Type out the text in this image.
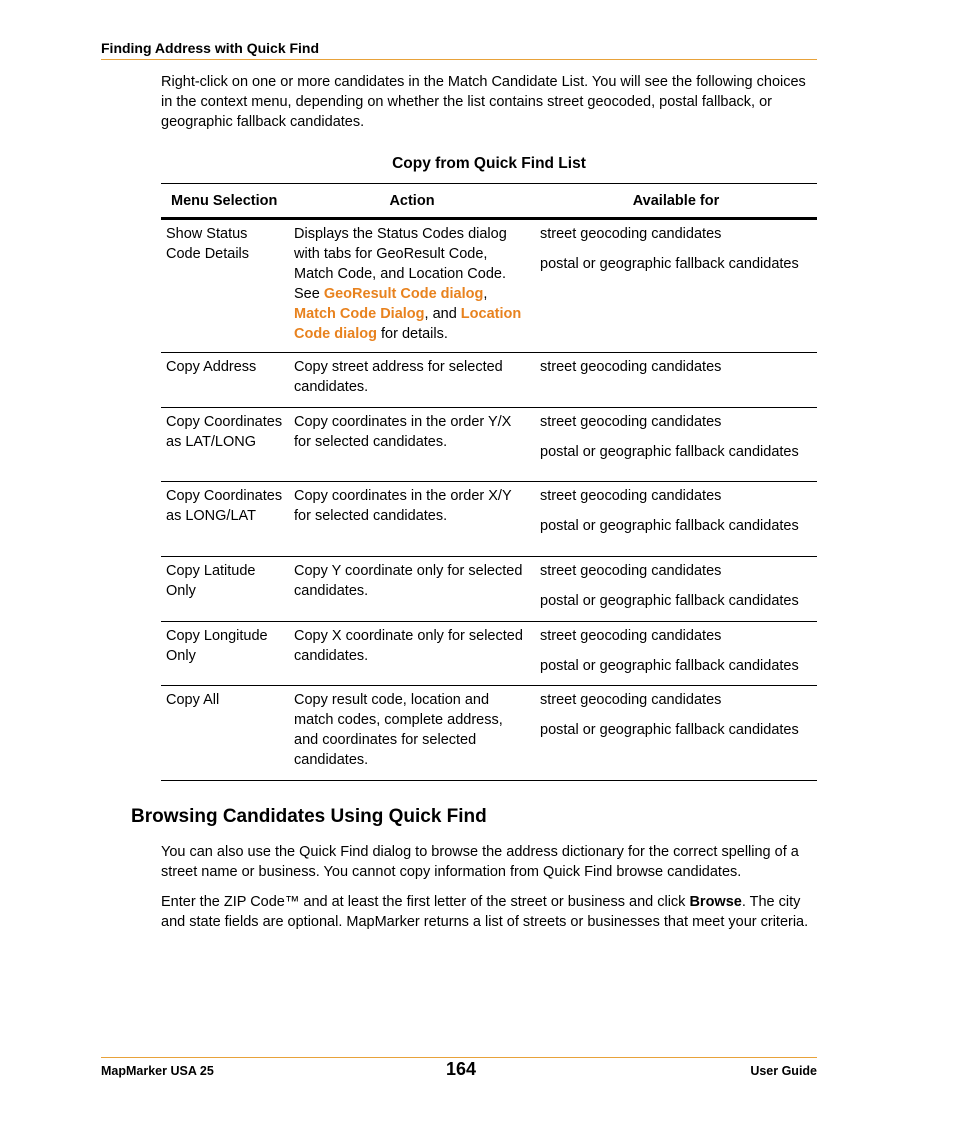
Finding Address with Quick Find

Right-click on one or more candidates in the Match Candidate List. You will see the following choices in the context menu, depending on whether the list contains street geocoded, postal fallback, or geographic fallback candidates.

Copy from Quick Find List
Menu Selection	Action	Available for
Show Status Code Details	Displays the Status Codes dialog with tabs for GeoResult Code, Match Code, and Location Code. See GeoResult Code dialog, Match Code Dialog, and Location Code dialog for details.	street geocoding candidates
postal or geographic fallback candidates

Copy Address	Copy street address for selected candidates.	street geocoding candidates

Copy Coordinates as LAT/LONG	Copy coordinates in the order Y/X for selected candidates.	street geocoding candidates
postal or geographic fallback candidates

Copy Coordinates as LONG/LAT	Copy coordinates in the order X/Y for selected candidates.	street geocoding candidates
postal or geographic fallback candidates

Copy Latitude Only	Copy Y coordinate only for selected candidates.	street geocoding candidates
postal or geographic fallback candidates

Copy Longitude Only	Copy X coordinate only for selected candidates.	street geocoding candidates
postal or geographic fallback candidates

Copy All	Copy result code, location and match codes, complete address, and coordinates for selected candidates.	street geocoding candidates
postal or geographic fallback candidates
Browsing Candidates Using Quick Find

You can also use the Quick Find dialog to browse the address dictionary for the correct spelling of a street name or business. You cannot copy information from Quick Find browse candidates.

Enter the ZIP Code™ and at least the first letter of the street or business and click Browse. The city and state fields are optional. MapMarker returns a list of streets or businesses that meet your criteria.

MapMarker USA 25	164	User Guide
